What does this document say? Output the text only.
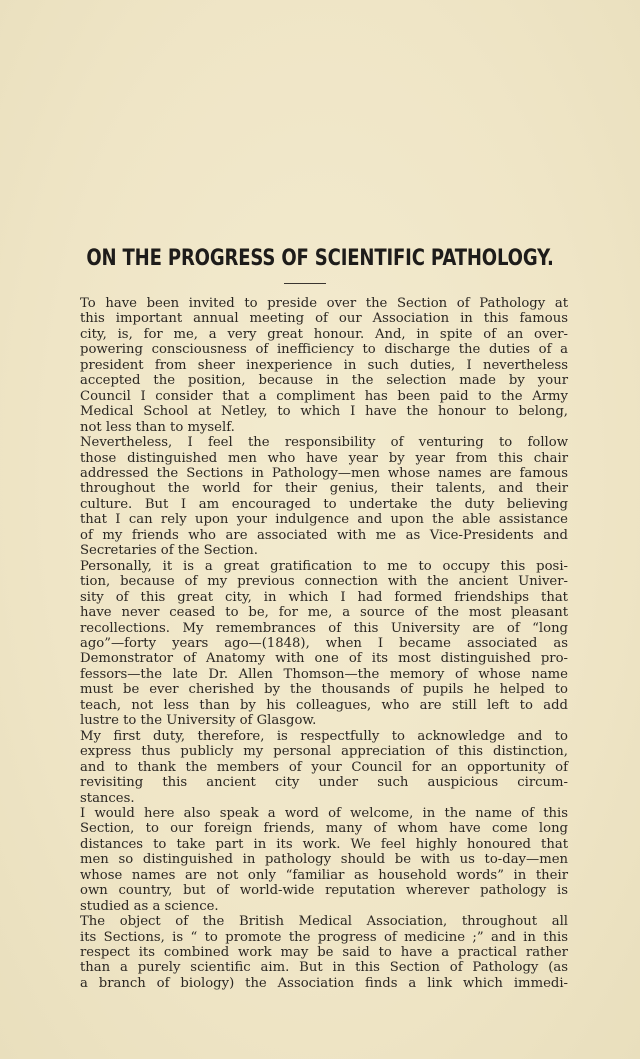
ON THE PROGRESS OF SCIENTIFIC PATHOLOGY.

To have been invited to preside over the Section of Pathology at
this important annual meeting of our Association in this famous
city, is, for me, a very great honour. And, in spite of an over-
powering consciousness of inefficiency to discharge the duties of a
president from sheer inexperience in such duties, I nevertheless
accepted the position, because in the selection made by your
Council I consider that a compliment has been paid to the Army
Medical School at Netley, to which I have the honour to belong,
not less than to myself.

Nevertheless, I feel the responsibility of venturing to follow
those distinguished men who have year by year from this chair
addressed the Sections in Pathology—men whose names are famous
throughout the world for their genius, their talents, and their
culture. But I am encouraged to undertake the duty believing
that I can rely upon your indulgence and upon the able assistance
of my friends who are associated with me as Vice-Presidents and
Secretaries of the Section.

Personally, it is a great gratification to me to occupy this posi-
tion, because of my previous connection with the ancient Univer-
sity of this great city, in which I had formed friendships that
have never ceased to be, for me, a source of the most pleasant
recollections. My remembrances of this University are of “long
ago”—forty years ago—(1848), when I became associated as
Demonstrator of Anatomy with one of its most distinguished pro-
fessors—the late Dr. Allen Thomson—the memory of whose name
must be ever cherished by the thousands of pupils he helped to
teach, not less than by his colleagues, who are still left to add
lustre to the University of Glasgow.

My first duty, therefore, is respectfully to acknowledge and to
express thus publicly my personal appreciation of this distinction,
and to thank the members of your Council for an opportunity of
revisiting this ancient city under such auspicious circum-
stances.

I would here also speak a word of welcome, in the name of this
Section, to our foreign friends, many of whom have come long
distances to take part in its work. We feel highly honoured that
men so distinguished in pathology should be with us to-day—men
whose names are not only “familiar as household words” in their
own country, but of world-wide reputation wherever pathology is
studied as a science.

The object of the British Medical Association, throughout all
its Sections, is “ to promote the progress of medicine ;” and in this
respect its combined work may be said to have a practical rather
than a purely scientific aim. But in this Section of Pathology (as
a branch of biology) the Association finds a link which immedi-
